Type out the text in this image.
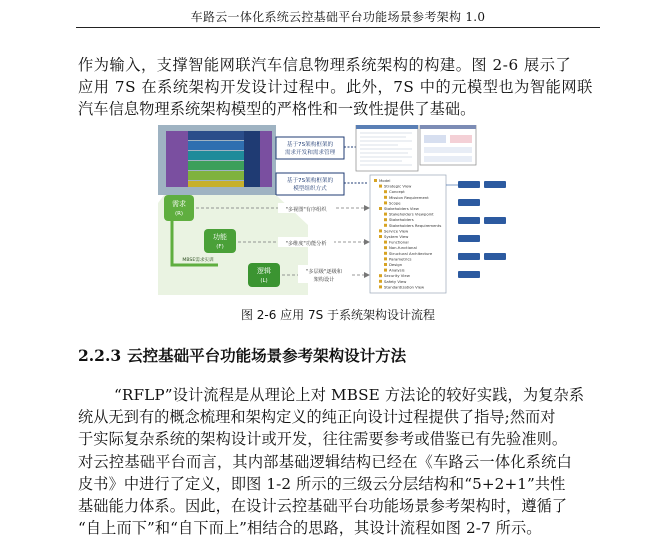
车路云一体化系统云控基础平台功能场景参考架构 1.0
作为输入，支撑智能网联汽车信息物理系统架构的构建。图 2-6 展示了
应用 7S 在系统架构开发设计过程中。此外，7S 中的元模型也为智能网联
汽车信息物理系统架构模型的严格性和一致性提供了基础。
基于7S架构框架的
需求开发和需求管理
基于7S架构框架的
模型组织方式
需求
(R)
功能
(F)
逻辑
(L)
MBSE需求实训
"多视图"有序组织
"多维度"功能分析
"多层级"逐级和
架构设计
Model
Strategic View
Concept
Mission Requirement
Scope
Stakeholders View
Stakeholders Viewpoint
Stakeholders
Stakeholders Requirements
Service View
System View
Functional
Non-functional
Structural Architecture
Parametrics
Design
Analysis
Security View
Safety View
Standardization View
图 2-6 应用 7S 于系统架构设计流程
2.2.3 云控基础平台功能场景参考架构设计方法
“RFLP”设计流程是从理论上对 MBSE 方法论的较好实践，为复杂系
统从无到有的概念梳理和架构定义的纯正向设计过程提供了指导;然而对
于实际复杂系统的架构设计或开发，往往需要参考或借鉴已有先验准则。
对云控基础平台而言，其内部基础逻辑结构已经在《车路云一体化系统白
皮书》中进行了定义，即图 1-2 所示的三级云分层结构和“5+2+1”共性
基础能力体系。因此，在设计云控基础平台功能场景参考架构时，遵循了
“自上而下”和“自下而上”相结合的思路，其设计流程如图 2-7 所示。
